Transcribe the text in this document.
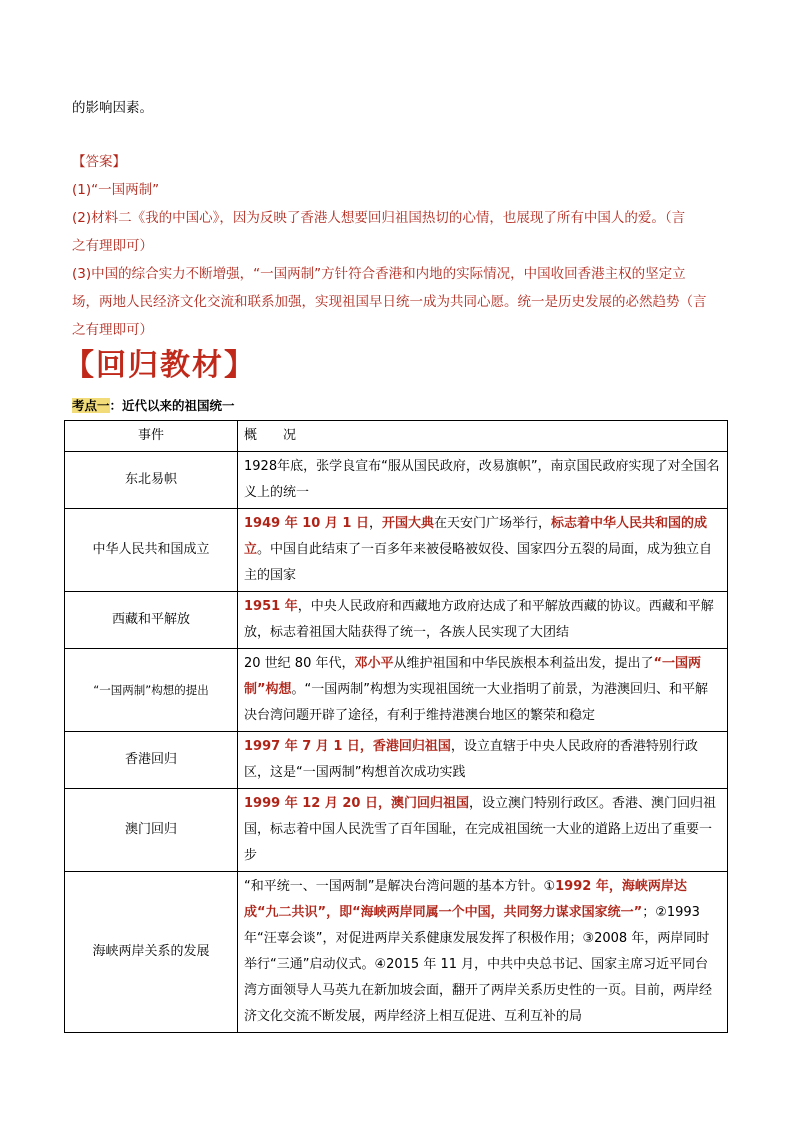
的影响因素。
【答案】
(1)“一国两制”
(2)材料二《我的中国心》，因为反映了香港人想要回归祖国热切的心情，也展现了所有中国人的爱。（言
之有理即可）
(3)中国的综合实力不断增强，“一国两制”方针符合香港和内地的实际情况，中国收回香港主权的坚定立
场，两地人民经济文化交流和联系加强，实现祖国早日统一成为共同心愿。统一是历史发展的必然趋势（言
之有理即可）
【回归教材】
考点一：近代以来的祖国统一
事件	概　　况
东北易帜	1928年底，张学良宣布“服从国民政府，改易旗帜”，南京国民政府实现了对全国名义上的统一
中华人民共和国成立	1949 年 10 月 1 日，开国大典在天安门广场举行，标志着中华人民共和国的成立。中国自此结束了一百多年来被侵略被奴役、国家四分五裂的局面，成为独立自主的国家
西藏和平解放	1951 年，中央人民政府和西藏地方政府达成了和平解放西藏的协议。西藏和平解放，标志着祖国大陆获得了统一，各族人民实现了大团结
“一国两制”构想的提出	20 世纪 80 年代，邓小平从维护祖国和中华民族根本利益出发，提出了“一国两制”构想。“一国两制”构想为实现祖国统一大业指明了前景，为港澳回归、和平解决台湾问题开辟了途径，有利于维持港澳台地区的繁荣和稳定
香港回归	1997 年 7 月 1 日，香港回归祖国，设立直辖于中央人民政府的香港特别行政区，这是“一国两制”构想首次成功实践
澳门回归	1999 年 12 月 20 日，澳门回归祖国，设立澳门特别行政区。香港、澳门回归祖国，标志着中国人民洗雪了百年国耻，在完成祖国统一大业的道路上迈出了重要一步
海峡两岸关系的发展	“和平统一、一国两制”是解决台湾问题的基本方针。①1992 年，海峡两岸达成“九二共识”，即“海峡两岸同属一个中国，共同努力谋求国家统一”；②1993 年“汪辜会谈”，对促进两岸关系健康发展发挥了积极作用；③2008 年，两岸同时举行“三通”启动仪式。④2015 年 11 月，中共中央总书记、国家主席习近平同台湾方面领导人马英九在新加坡会面，翻开了两岸关系历史性的一页。目前，两岸经济文化交流不断发展，两岸经济上相互促进、互利互补的局
